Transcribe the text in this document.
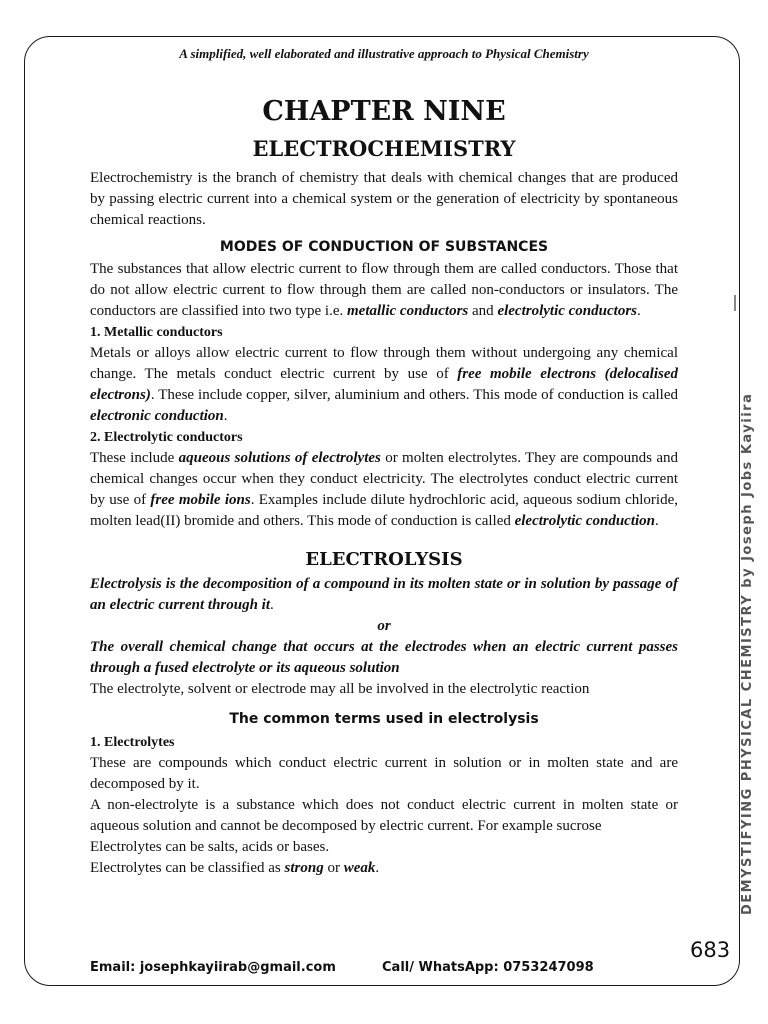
A simplified, well elaborated and illustrative approach to Physical Chemistry
CHAPTER NINE
ELECTROCHEMISTRY

Electrochemistry is the branch of chemistry that deals with chemical changes that are produced by passing electric current into a chemical system or the generation of electricity by spontaneous chemical reactions.

MODES OF CONDUCTION OF SUBSTANCES

The substances that allow electric current to flow through them are called conductors. Those that do not allow electric current to flow through them are called non-conductors or insulators. The conductors are classified into two type i.e. metallic conductors and electrolytic conductors.

1. Metallic conductors

Metals or alloys allow electric current to flow through them without undergoing any chemical change. The metals conduct electric current by use of free mobile electrons (delocalised electrons). These include copper, silver, aluminium and others. This mode of conduction is called electronic conduction.

2. Electrolytic conductors

These include aqueous solutions of electrolytes or molten electrolytes. They are compounds and chemical changes occur when they conduct electricity. The electrolytes conduct electric current by use of free mobile ions. Examples include dilute hydrochloric acid, aqueous sodium chloride, molten lead(II) bromide and others. This mode of conduction is called electrolytic conduction.

ELECTROLYSIS

Electrolysis is the decomposition of a compound in its molten state or in solution by passage of an electric current through it.

or

The overall chemical change that occurs at the electrodes when an electric current passes through a fused electrolyte or its aqueous solution

The electrolyte, solvent or electrode may all be involved in the electrolytic reaction

The common terms used in electrolysis

1. Electrolytes

These are compounds which conduct electric current in solution or in molten state and are decomposed by it.

A non-electrolyte is a substance which does not conduct electric current in molten state or aqueous solution and cannot be decomposed by electric current. For example sucrose

Electrolytes can be salts, acids or bases.

Electrolytes can be classified as strong or weak.	DEMYSTIFYING PHYSICAL CHEMISTRY by Joseph Jobs Kayiira
683
Email: josephkayiirab@gmail.com	Call/ WhatsApp: 0753247098
